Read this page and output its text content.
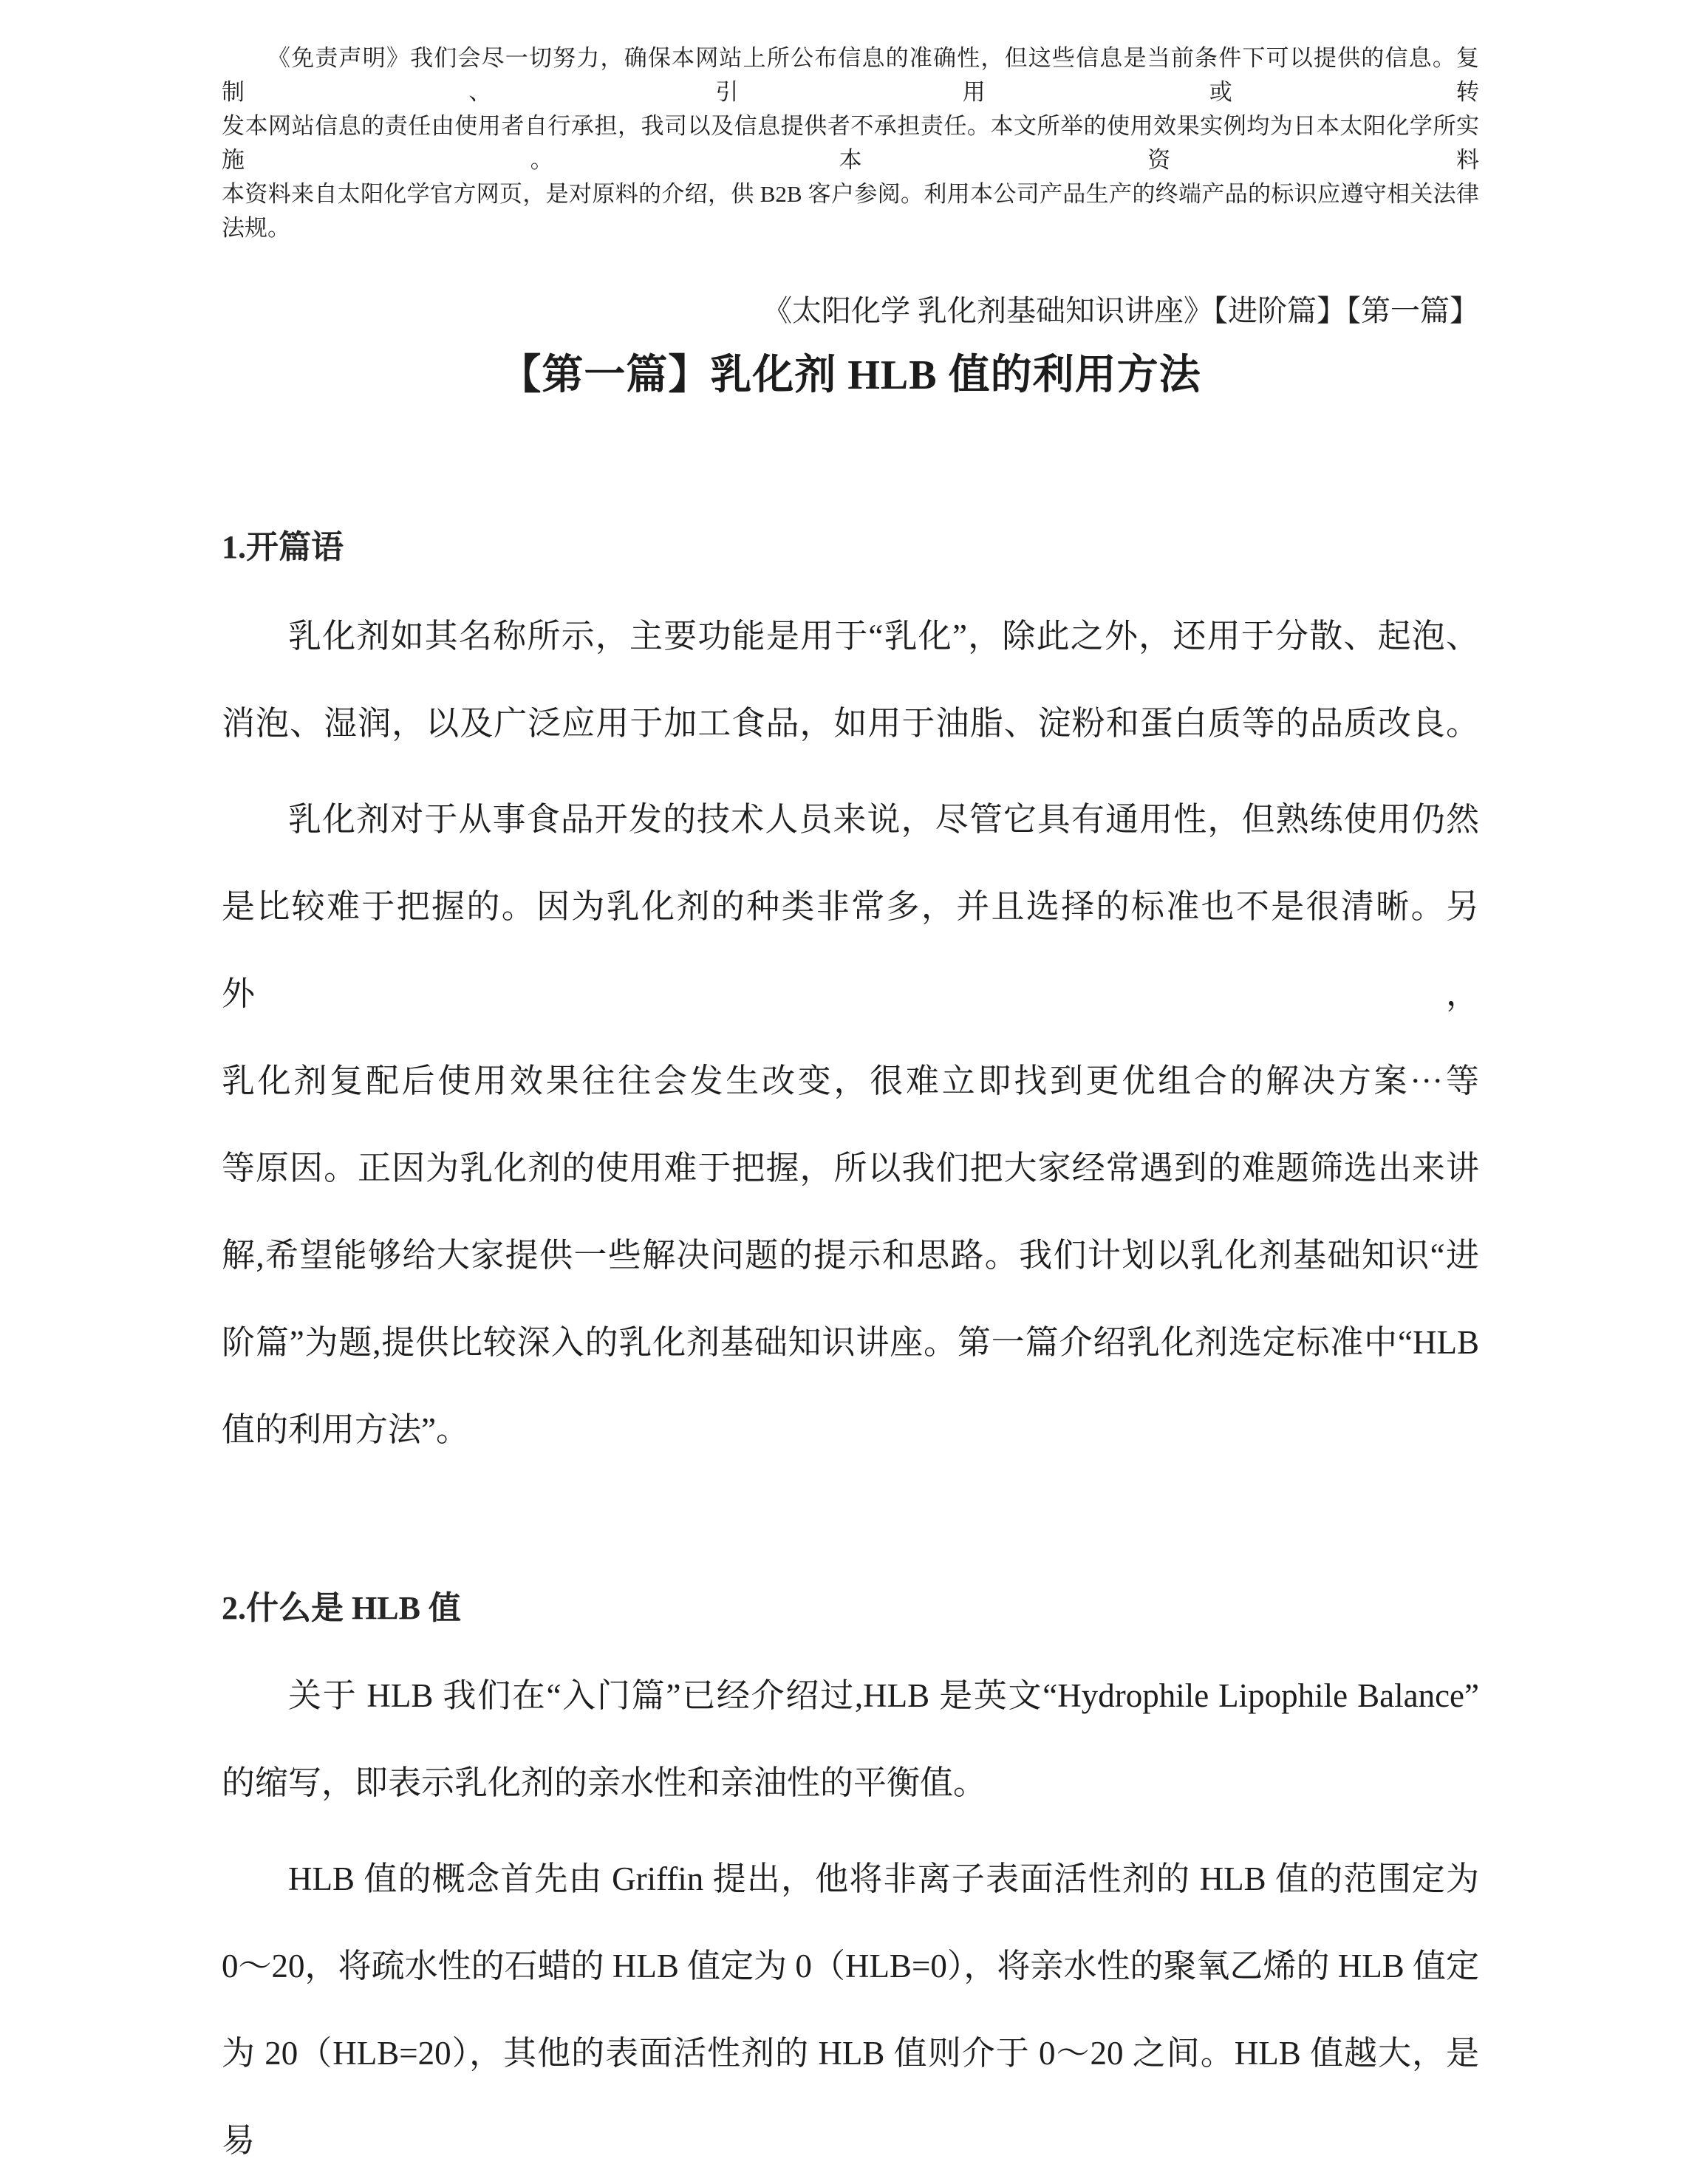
《免责声明》我们会尽一切努力，确保本网站上所公布信息的准确性，但这些信息是当前条件下可以提供的信息。复制、引用或转
发本网站信息的责任由使用者自行承担，我司以及信息提供者不承担责任。本文所举的使用效果实例均为日本太阳化学所实施。本资料
本资料来自太阳化学官方网页，是对原料的介绍，供 B2B 客户参阅。利用本公司产品生产的终端产品的标识应遵守相关法律法规。
《太阳化学 乳化剂基础知识讲座》【进阶篇】【第一篇】
【第一篇】乳化剂 HLB 值的利用方法
1.开篇语
乳化剂如其名称所示，主要功能是用于“乳化”，除此之外，还用于分散、起泡、
消泡、湿润，以及广泛应用于加工食品，如用于油脂、淀粉和蛋白质等的品质改良。
乳化剂对于从事食品开发的技术人员来说，尽管它具有通用性，但熟练使用仍然
是比较难于把握的。因为乳化剂的种类非常多，并且选择的标准也不是很清晰。另外，
乳化剂复配后使用效果往往会发生改变，很难立即找到更优组合的解决方案···等
等原因。正因为乳化剂的使用难于把握，所以我们把大家经常遇到的难题筛选出来讲
解,希望能够给大家提供一些解决问题的提示和思路。我们计划以乳化剂基础知识“进
阶篇”为题,提供比较深入的乳化剂基础知识讲座。第一篇介绍乳化剂选定标准中“HLB
值的利用方法”。
2.什么是 HLB 值
关于 HLB 我们在“入门篇”已经介绍过,HLB 是英文“Hydrophile Lipophile Balance”
的缩写，即表示乳化剂的亲水性和亲油性的平衡值。
HLB 值的概念首先由 Griffin 提出，他将非离子表面活性剂的 HLB 值的范围定为
0～20，将疏水性的石蜡的 HLB 值定为 0（HLB=0），将亲水性的聚氧乙烯的 HLB 值定
为 20（HLB=20），其他的表面活性剂的 HLB 值则介于 0～20 之间。HLB 值越大，是易
